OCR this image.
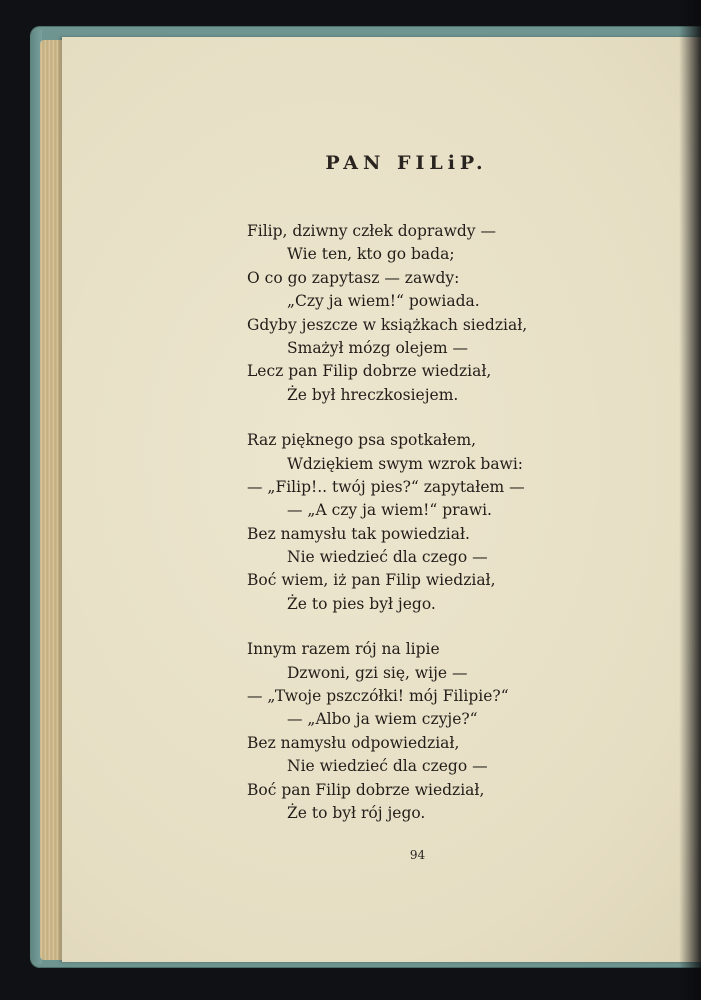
PAN FILiP.
Filip, dziwny człek doprawdy —
Wie ten, kto go bada;
O co go zapytasz — zawdy:
„Czy ja wiem!“ powiada.
Gdyby jeszcze w książkach siedział,
Smażył mózg olejem —
Lecz pan Filip dobrze wiedział,
Że był hreczkosiejem.
Raz pięknego psa spotkałem,
Wdziękiem swym wzrok bawi:
— „Filip!.. twój pies?“ zapytałem —
— „A czy ja wiem!“ prawi.
Bez namysłu tak powiedział.
Nie wiedzieć dla czego —
Boć wiem, iż pan Filip wiedział,
Że to pies był jego.
Innym razem rój na lipie
Dzwoni, gzi się, wije —
— „Twoje pszczółki! mój Filipie?“
— „Albo ja wiem czyje?“
Bez namysłu odpowiedział,
Nie wiedzieć dla czego —
Boć pan Filip dobrze wiedział,
Że to był rój jego.
94
